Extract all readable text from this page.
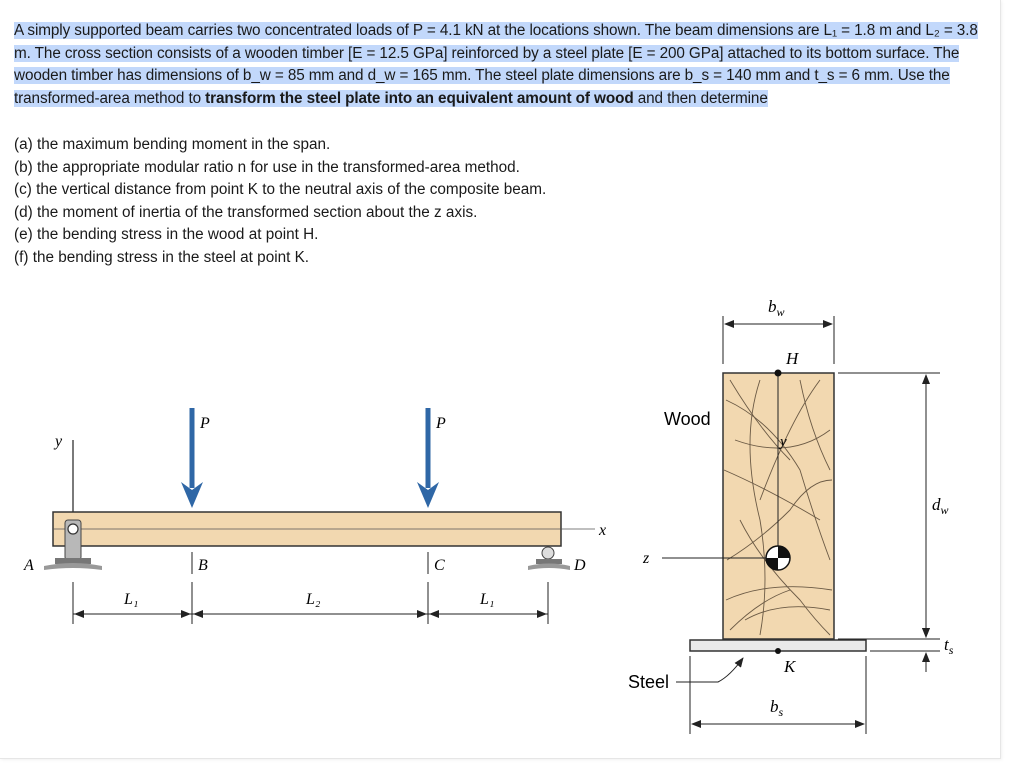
A simply supported beam carries two concentrated loads of P = 4.1 kN at the locations shown. The beam dimensions are L₁ = 1.8 m and L₂ = 3.8 m. The cross section consists of a wooden timber [E = 12.5 GPa] reinforced by a steel plate [E = 200 GPa] attached to its bottom surface. The wooden timber has dimensions of b_w = 85 mm and d_w = 165 mm. The steel plate dimensions are b_s = 140 mm and t_s = 6 mm. Use the transformed-area method to transform the steel plate into an equivalent amount of wood and then determine
(a) the maximum bending moment in the span.
(b) the appropriate modular ratio n for use in the transformed-area method.
(c) the vertical distance from point K to the neutral axis of the composite beam.
(d) the moment of inertia of the transformed section about the z axis.
(e) the bending stress in the wood at point H.
(f) the bending stress in the steel at point K.
y
x
A	D
P	P
B	C
L₁	L₂	L₁
$b_w$
H
y
z
Wood
K
Steel
$b_s$
$d_w$
$t_s$
